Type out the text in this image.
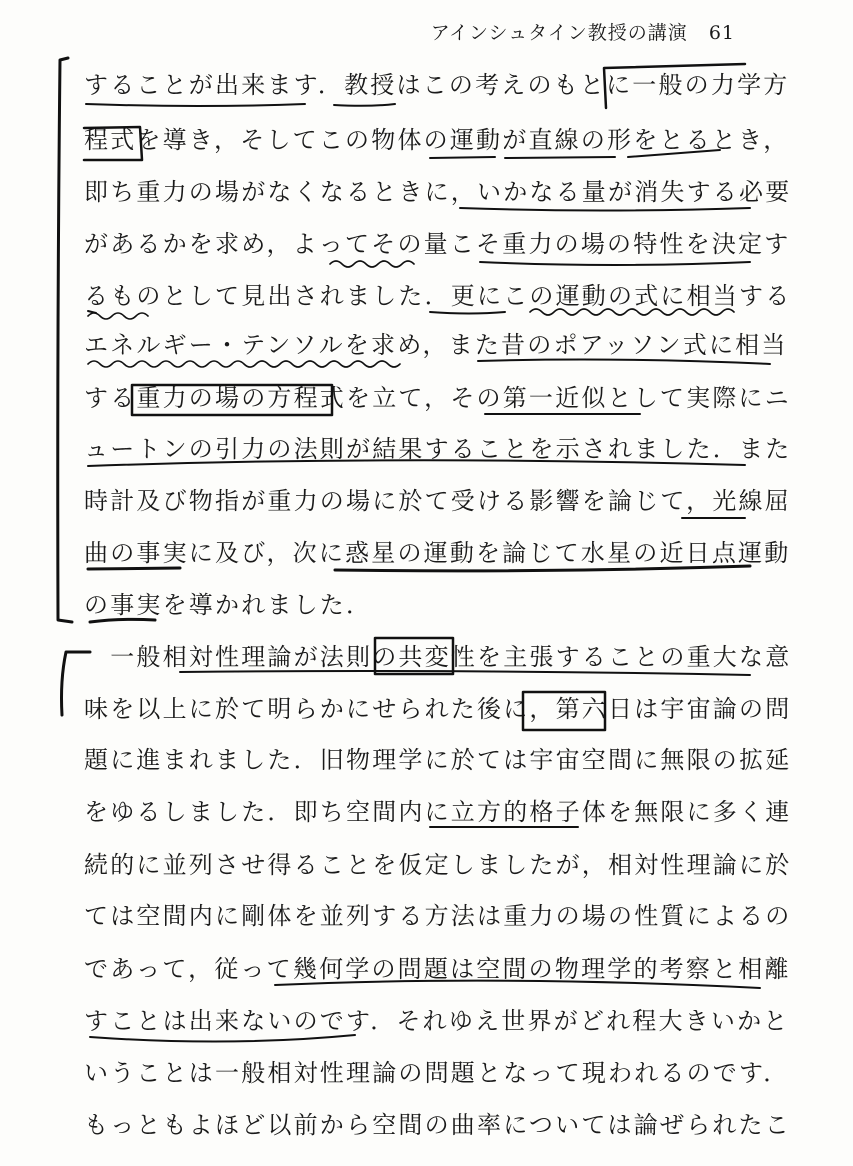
アインシュタイン教授の講演 61
することが出来ます．教授はこの考えのもとに一般の力学方
程式を導き，そしてこの物体の運動が直線の形をとるとき，
即ち重力の場がなくなるときに，いかなる量が消失する必要
があるかを求め，よってその量こそ重力の場の特性を決定す
るものとして見出されました．更にこの運動の式に相当する
エネルギー・テンソルを求め，また昔のポアッソン式に相当
する重力の場の方程式を立て，その第一近似として実際にニ
ュートンの引力の法則が結果することを示されました．また
時計及び物指が重力の場に於て受ける影響を論じて，光線屈
曲の事実に及び，次に惑星の運動を論じて水星の近日点運動
の事実を導かれました．
　一般相対性理論が法則の共変性を主張することの重大な意
味を以上に於て明らかにせられた後に，第六日は宇宙論の問
題に進まれました．旧物理学に於ては宇宙空間に無限の拡延
をゆるしました．即ち空間内に立方的格子体を無限に多く連
続的に並列させ得ることを仮定しましたが，相対性理論に於
ては空間内に剛体を並列する方法は重力の場の性質によるの
であって，従って幾何学の問題は空間の物理学的考察と相離
すことは出来ないのです．それゆえ世界がどれ程大きいかと
いうことは一般相対性理論の問題となって現われるのです．
もっともよほど以前から空間の曲率については論ぜられたこ
